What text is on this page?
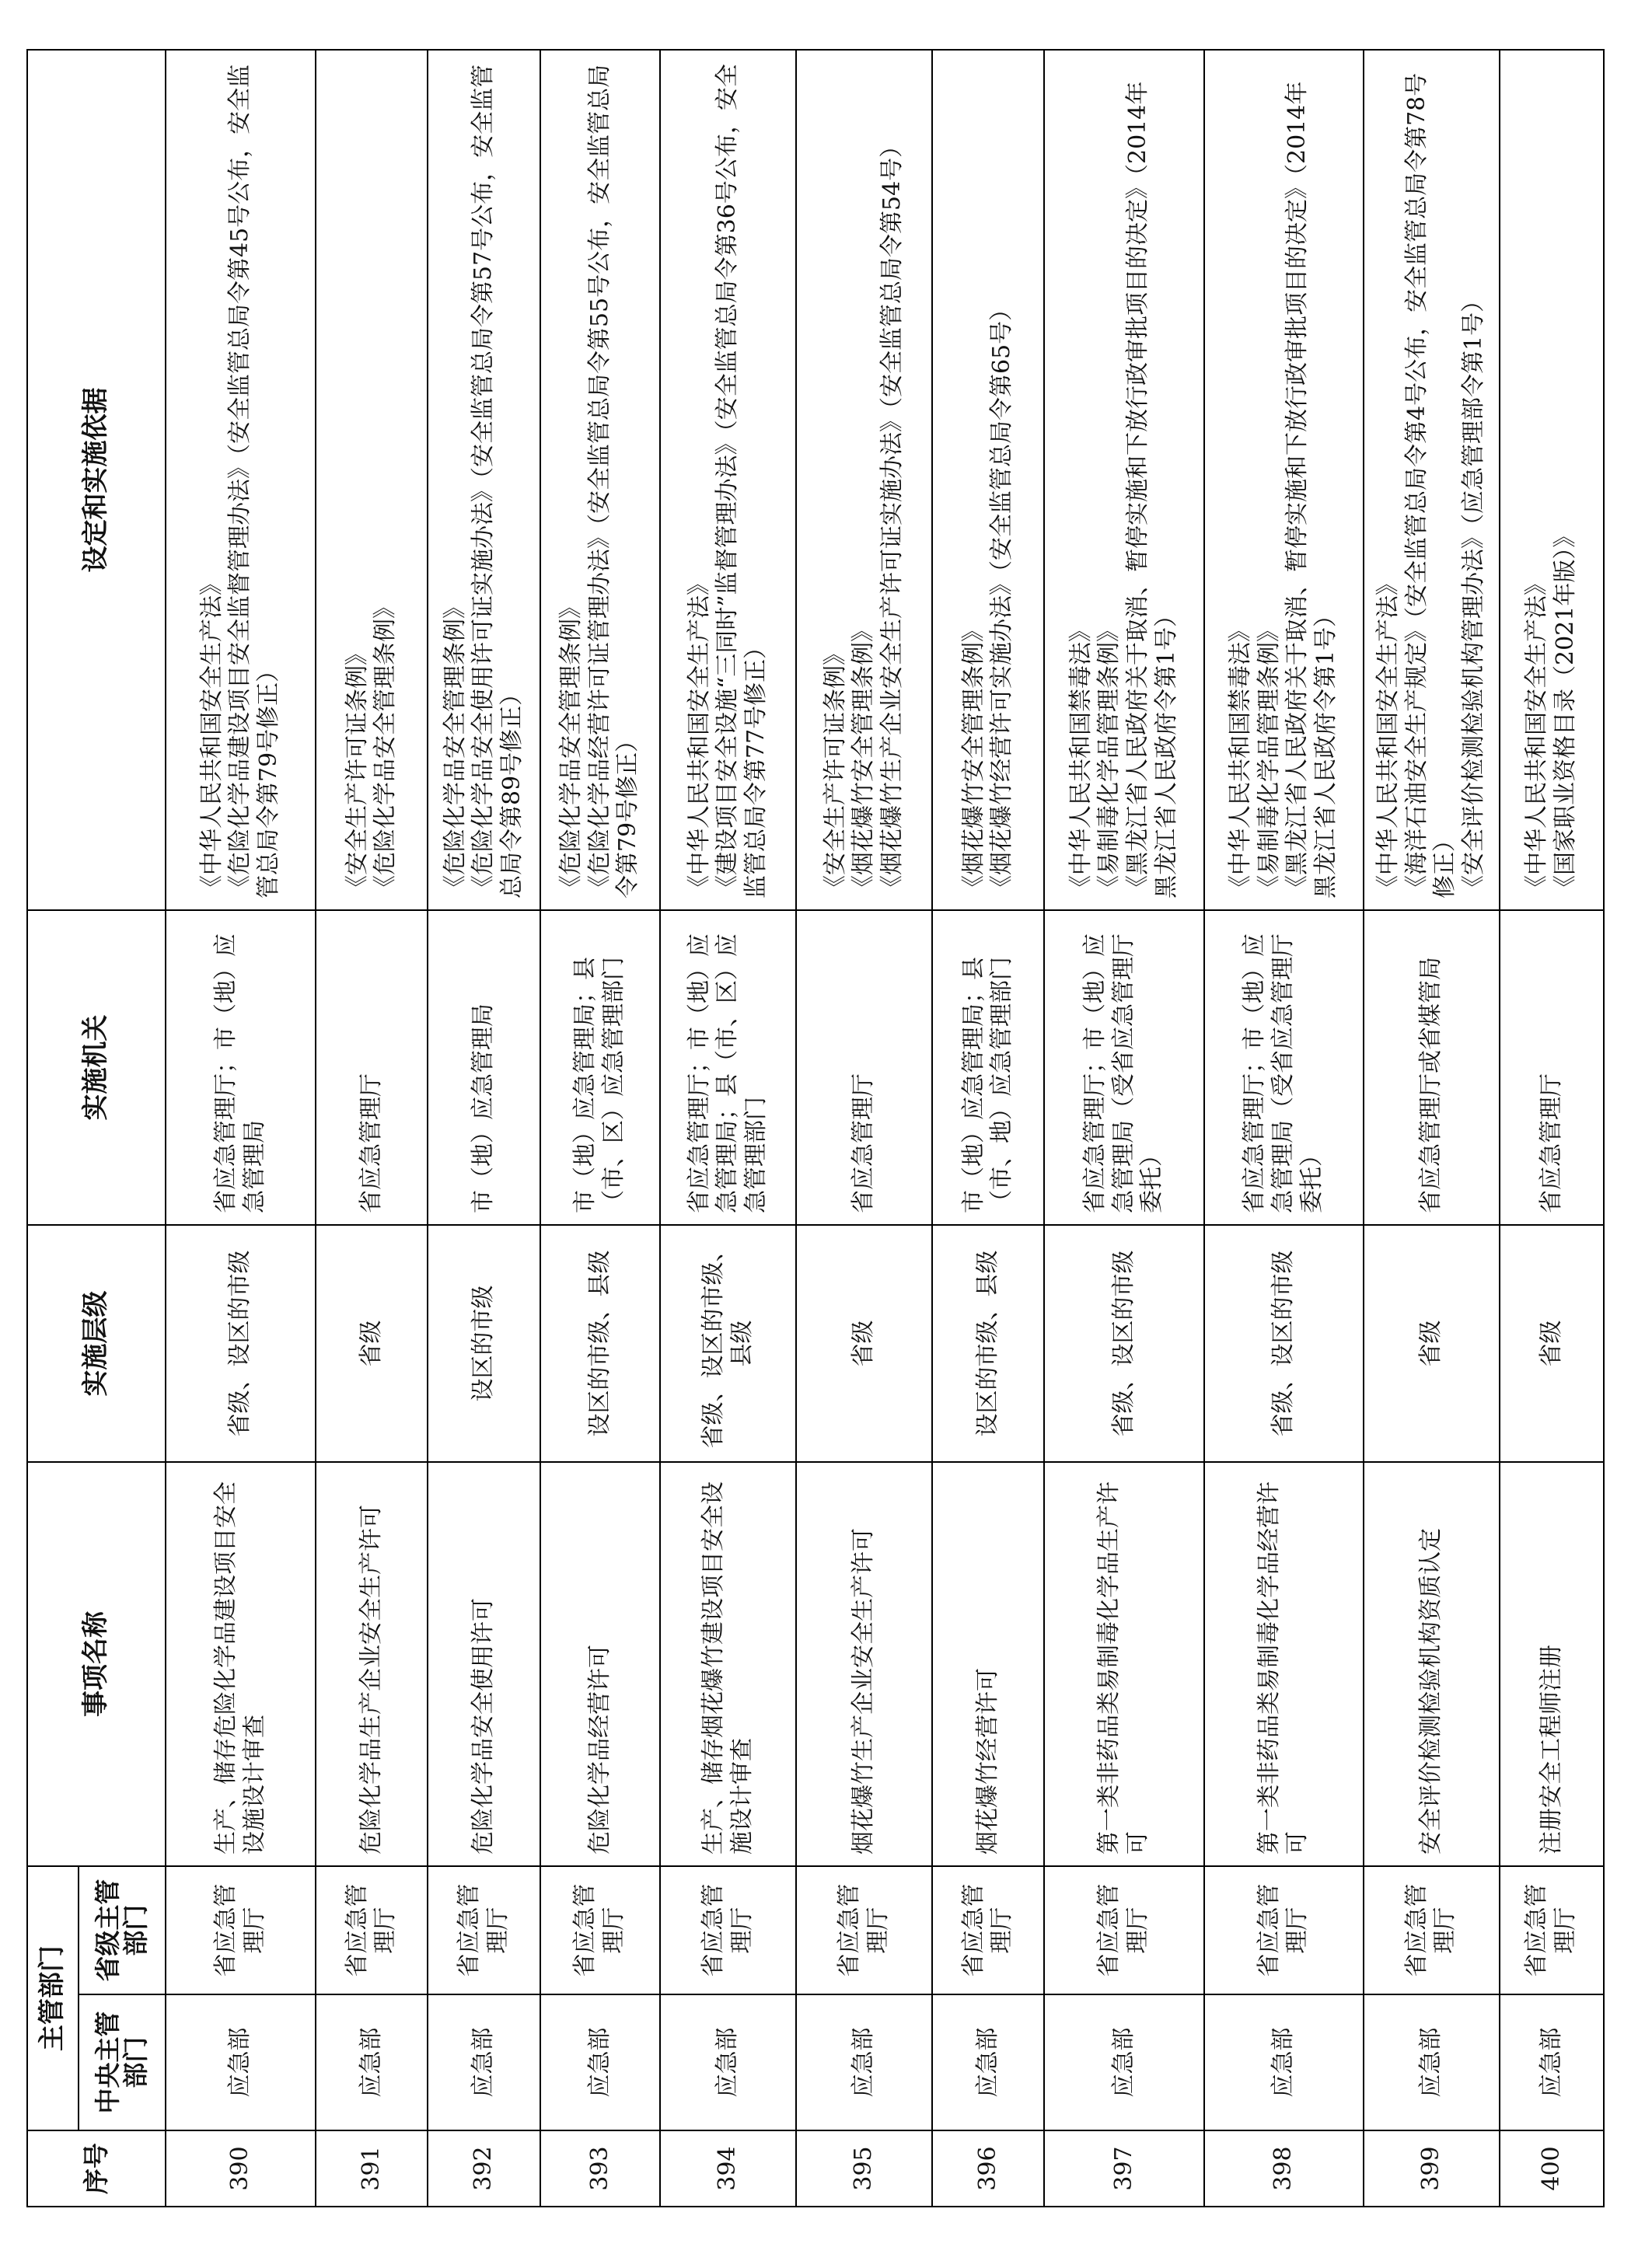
序号	主管部门		事项名称	实施层级	实施机关	设定和实施依据
	中央主管部门	省级主管部门				
390	应急部	省应急管理厅	生产、储存危险化学品建设项目安全设施设计审查	省级、设区的市级	省应急管理厅；市（地）应急管理局	《中华人民共和国安全生产法》 《危险化学品建设项目安全监督管理办法》（安全监管总局令第45号公布，安全监管总局令第79号修正）

391	应急部	省应急管理厅	危险化学品生产企业安全生产许可	省级	省应急管理厅	《安全生产许可证条例》 《危险化学品安全管理条例》

392	应急部	省应急管理厅	危险化学品安全使用许可	设区的市级	市（地）应急管理局	《危险化学品安全管理条例》 《危险化学品安全使用许可证实施办法》（安全监管总局令第57号公布，安全监管总局令第89号修正）

393	应急部	省应急管理厅	危险化学品经营许可	设区的市级、县级	市（地）应急管理局；县（市、区）应急管理部门	《危险化学品安全管理条例》 《危险化学品经营许可证管理办法》（安全监管总局令第55号公布，安全监管总局令第79号修正）

394	应急部	省应急管理厅	生产、储存烟花爆竹建设项目安全设施设计审查	省级、设区的市级、县级	省应急管理厅；市（地）应急管理局；县（市、区）应急管理部门	《中华人民共和国安全生产法》 《建设项目安全设施“三同时”监督管理办法》（安全监管总局令第36号公布，安全监管总局令第77号修正）

395	应急部	省应急管理厅	烟花爆竹生产企业安全生产许可	省级	省应急管理厅	《安全生产许可证条例》 《烟花爆竹安全管理条例》 《烟花爆竹生产企业安全生产许可证实施办法》（安全监管总局令第54号）

396	应急部	省应急管理厅	烟花爆竹经营许可	设区的市级、县级	市（地）应急管理局；县（市、地）应急管理部门	《烟花爆竹安全管理条例》 《烟花爆竹经营许可实施办法》（安全监管总局令第65号）

397	应急部	省应急管理厅	第一类非药品类易制毒化学品生产许可	省级、设区的市级	省应急管理厅；市（地）应急管理局（受省应急管理厅委托）	《中华人民共和国禁毒法》 《易制毒化学品管理条例》 《黑龙江省人民政府关于取消、暂停实施和下放行政审批项目的决定》（2014年黑龙江省人民政府令第1号）

398	应急部	省应急管理厅	第一类非药品类易制毒化学品经营许可	省级、设区的市级	省应急管理厅；市（地）应急管理局（受省应急管理厅委托）	《中华人民共和国禁毒法》 《易制毒化学品管理条例》 《黑龙江省人民政府关于取消、暂停实施和下放行政审批项目的决定》（2014年黑龙江省人民政府令第1号）

399	应急部	省应急管理厅	安全评价检测检验机构资质认定	省级	省应急管理厅或省煤管局	《中华人民共和国安全生产法》 《海洋石油安全生产规定》（安全监管总局令第4号公布，安全监管总局令第78号修正） 《安全评价检测检验机构管理办法》（应急管理部令第1号）

400	应急部	省应急管理厅	注册安全工程师注册	省级	省应急管理厅	《中华人民共和国安全生产法》 《国家职业资格目录（2021年版）》
